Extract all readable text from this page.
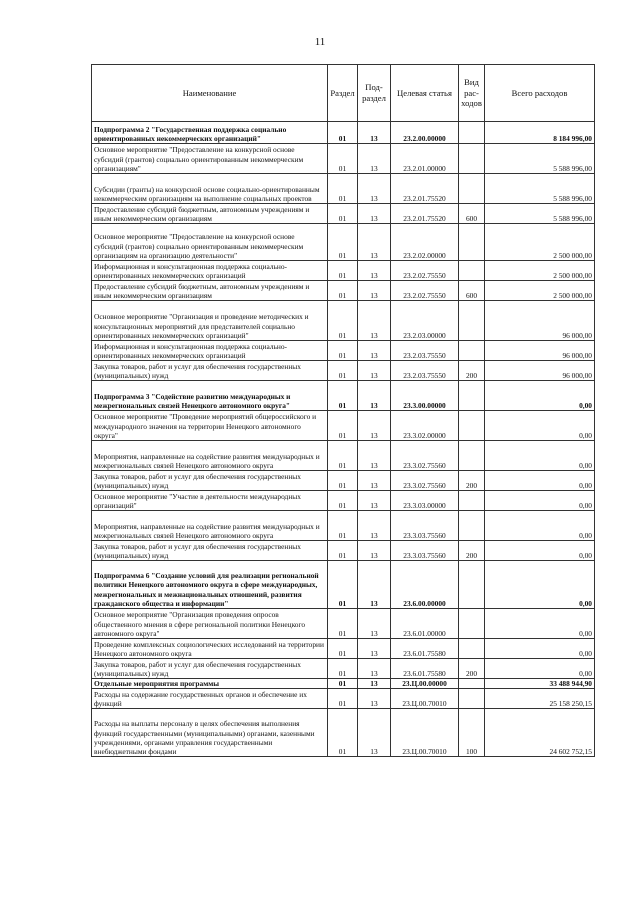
11
Наименование	Раздел	Под-раздел	Целевая статья	Вид рас-ходов	Всего расходов
Подпрограмма 2 "Государственная поддержка социально ориентированных некоммерческих организаций"	01	13	23.2.00.00000		8 184 996,00
Основное мероприятие "Предоставление на конкурсной основе субсидий (грантов) социально ориентированным некоммерческим организациям"	01	13	23.2.01.00000		5 588 996,00
Субсидии (гранты) на конкурсной основе социально-ориентированным некоммерческим организациям на выполнение социальных проектов	01	13	23.2.01.75520		5 588 996,00
Предоставление субсидий бюджетным, автономным учреждениям и иным некоммерческим организациям	01	13	23.2.01.75520	600	5 588 996,00
Основное мероприятие "Предоставление на конкурсной основе субсидий (грантов) социально ориентированным некоммерческим организациям на организацию деятельности"	01	13	23.2.02.00000		2 500 000,00
Информационная и консультационная поддержка социально-ориентированных некоммерческих организаций	01	13	23.2.02.75550		2 500 000,00
Предоставление субсидий бюджетным, автономным учреждениям и иным некоммерческим организациям	01	13	23.2.02.75550	600	2 500 000,00
Основное мероприятие "Организация и проведение методических и консультационных мероприятий для представителей социально ориентированных некоммерческих организаций"	01	13	23.2.03.00000		96 000,00
Информационная и консультационная поддержка социально-ориентированных некоммерческих организаций	01	13	23.2.03.75550		96 000,00
Закупка товаров, работ и услуг для обеспечения государственных (муниципальных) нужд	01	13	23.2.03.75550	200	96 000,00
Подпрограмма 3 "Содействие развитию международных и межрегиональных связей Ненецкого автономного округа"	01	13	23.3.00.00000		0,00
Основное мероприятие "Проведение мероприятий общероссийского и международного значения на территории Ненецкого автономного округа"	01	13	23.3.02.00000		0,00
Мероприятия, направленные на содействие развития международных и межрегиональных связей Ненецкого автономного округа	01	13	23.3.02.75560		0,00
Закупка товаров, работ и услуг для обеспечения государственных (муниципальных) нужд	01	13	23.3.02.75560	200	0,00
Основное мероприятие "Участие в деятельности международных организаций"	01	13	23.3.03.00000		0,00
Мероприятия, направленные на содействие развития международных и межрегиональных связей Ненецкого автономного округа	01	13	23.3.03.75560		0,00
Закупка товаров, работ и услуг для обеспечения государственных (муниципальных) нужд	01	13	23.3.03.75560	200	0,00
Подпрограмма 6 "Создание условий для реализации региональной политики Ненецкого автономного округа в сфере международных, межрегиональных и межнациональных отношений, развития гражданского общества и информации"	01	13	23.6.00.00000		0,00
Основное мероприятие "Организация проведения опросов общественного мнения в сфере региональной политики Ненецкого автономного округа"	01	13	23.6.01.00000		0,00
Проведение комплексных социологических исследований на территории Ненецкого автономного округа	01	13	23.6.01.75580		0,00
Закупка товаров, работ и услуг для обеспечения государственных (муниципальных) нужд	01	13	23.6.01.75580	200	0,00
Отдельные мероприятия программы	01	13	23.Ц.00.00000		33 488 944,90
Расходы на содержание государственных органов и обеспечение их функций	01	13	23.Ц.00.70010		25 158 250,15
Расходы на выплаты персоналу в целях обеспечения выполнения функций государственными (муниципальными) органами, казенными учреждениями, органами управления государственными внебюджетными фондами	01	13	23.Ц.00.70010	100	24 602 752,15
